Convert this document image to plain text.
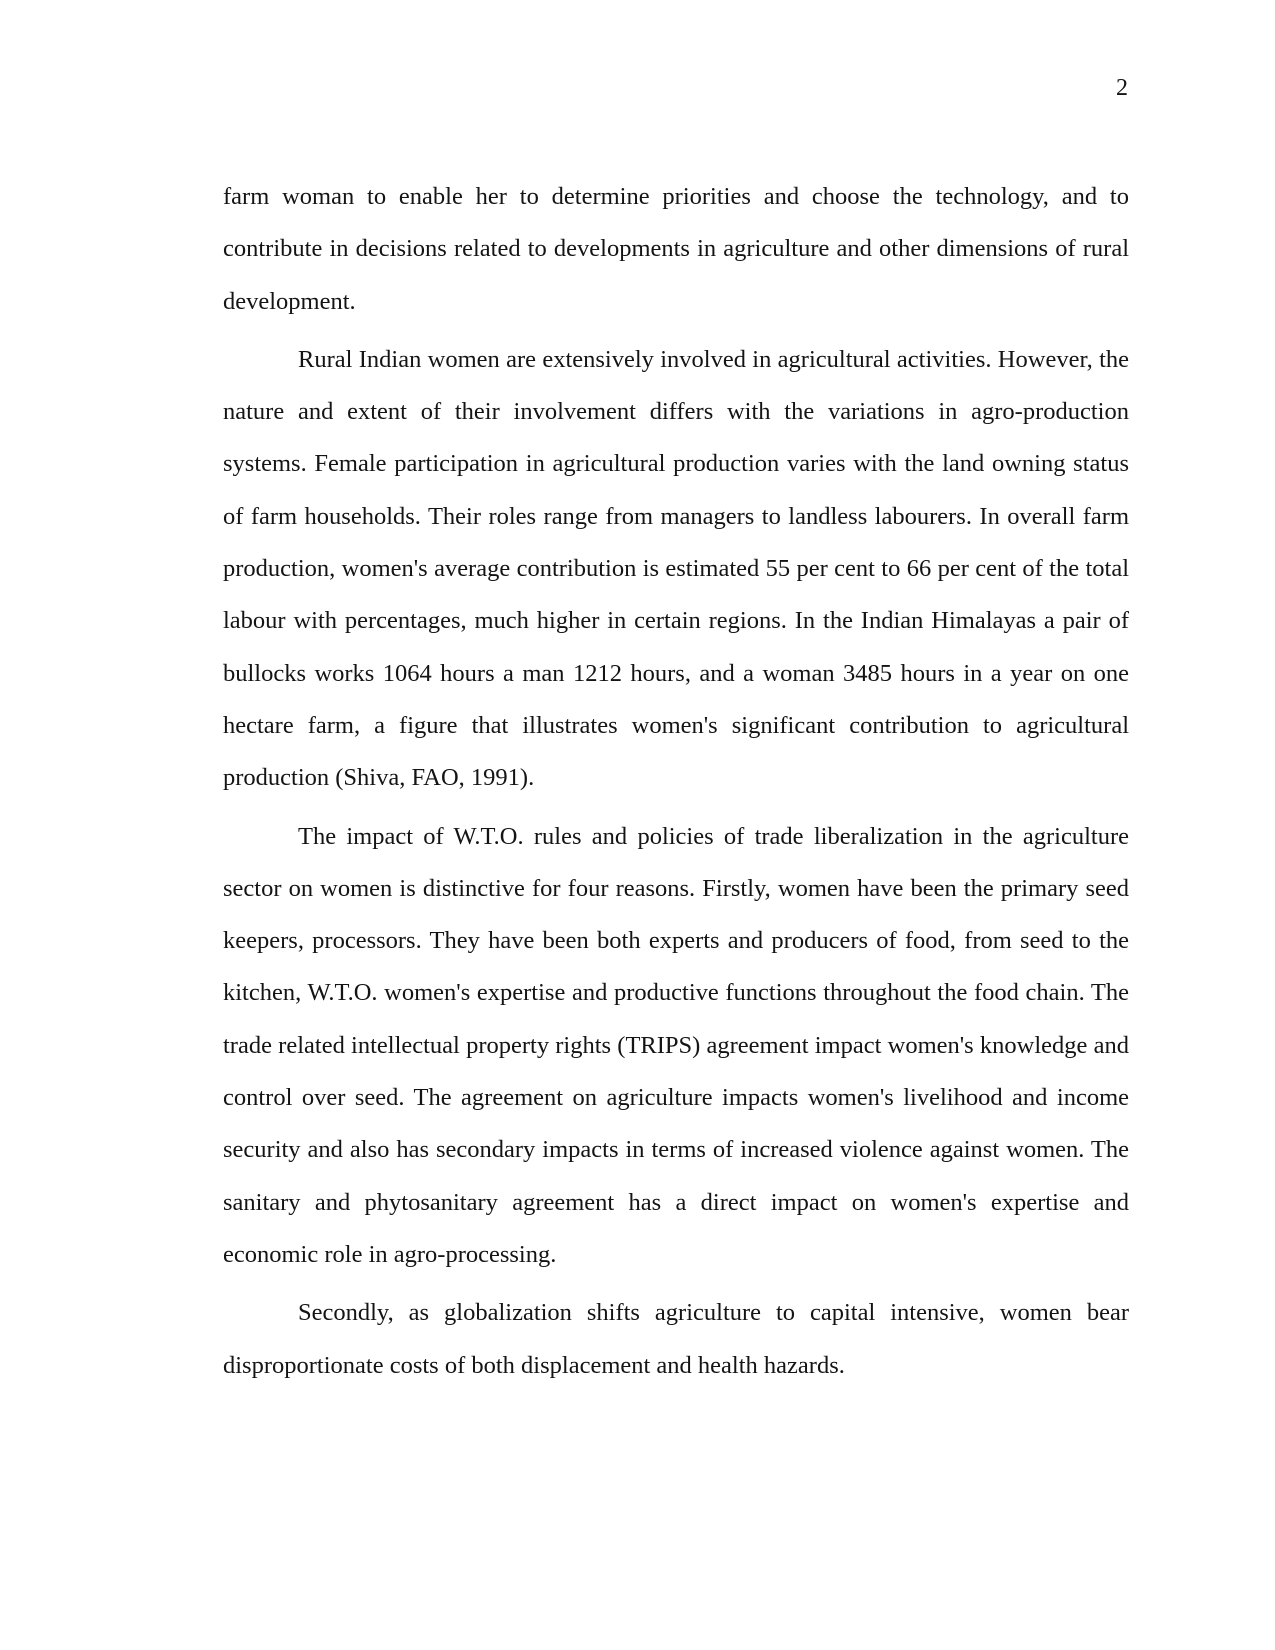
2

farm woman to enable her to determine priorities and choose the technology, and to contribute in decisions related to developments in agriculture and other dimensions of rural development.

Rural Indian women are extensively involved in agricultural activities. However, the nature and extent of their involvement differs with the variations in agro-production systems. Female participation in agricultural production varies with the land owning status of farm households. Their roles range from managers to landless labourers. In overall farm production, women's average contribution is estimated 55 per cent to 66 per cent of the total labour with percentages, much higher in certain regions. In the Indian Himalayas a pair of bullocks works 1064 hours a man 1212 hours, and a woman 3485 hours in a year on one hectare farm, a figure that illustrates women's significant contribution to agricultural production (Shiva, FAO, 1991).

The impact of W.T.O. rules and policies of trade liberalization in the agriculture sector on women is distinctive for four reasons. Firstly, women have been the primary seed keepers, processors. They have been both experts and producers of food, from seed to the kitchen, W.T.O. women's expertise and productive functions throughout the food chain. The trade related intellectual property rights (TRIPS) agreement impact women's knowledge and control over seed. The agreement on agriculture impacts women's livelihood and income security and also has secondary impacts in terms of increased violence against women. The sanitary and phytosanitary agreement has a direct impact on women's expertise and economic role in agro-processing.

Secondly, as globalization shifts agriculture to capital intensive, women bear disproportionate costs of both displacement and health hazards.
